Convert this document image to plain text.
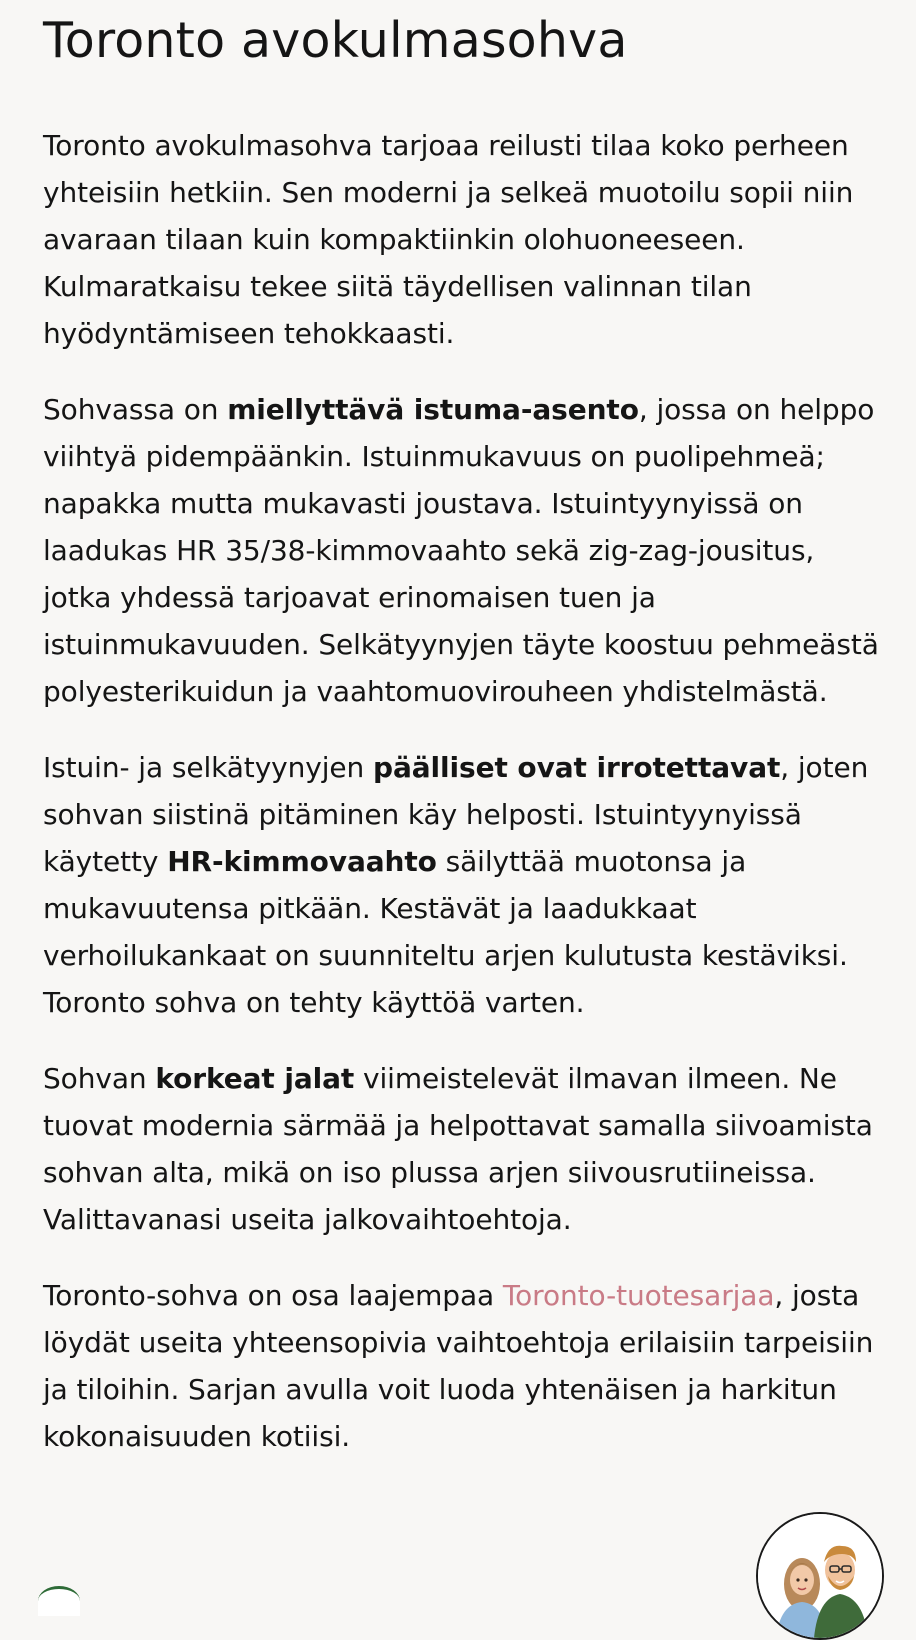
Toronto avokulmasohva

Toronto avokulmasohva tarjoaa reilusti tilaa koko perheen yhteisiin hetkiin. Sen moderni ja selkeä muotoilu sopii niin avaraan tilaan kuin kompaktiinkin olohuoneeseen. Kulmaratkaisu tekee siitä täydellisen valinnan tilan hyödyntämiseen tehokkaasti.

Sohvassa on miellyttävä istuma-asento, jossa on helppo viihtyä pidempäänkin. Istuinmukavuus on puolipehmeä; napakka mutta mukavasti joustava. Istuintyynyissä on laadukas HR 35/38-kimmovaahto sekä zig-zag-jousitus, jotka yhdessä tarjoavat erinomaisen tuen ja istuinmukavuuden. Selkätyynyjen täyte koostuu pehmeästä polyesterikuidun ja vaahtomuovirouheen yhdistelmästä.

Istuin- ja selkätyynyjen päälliset ovat irrotettavat, joten sohvan siistinä pitäminen käy helposti. Istuintyynyissä käytetty HR-kimmovaahto säilyttää muotonsa ja mukavuutensa pitkään. Kestävät ja laadukkaat verhoilukankaat on suunniteltu arjen kulutusta kestäviksi. Toronto sohva on tehty käyttöä varten.

Sohvan korkeat jalat viimeistelevät ilmavan ilmeen. Ne tuovat modernia särmää ja helpottavat samalla siivoamista sohvan alta, mikä on iso plussa arjen siivousrutiineissa. Valittavanasi useita jalkovaihtoehtoja.

Toronto-sohva on osa laajempaa Toronto-tuotesarjaa, josta löydät useita yhteensopivia vaihtoehtoja erilaisiin tarpeisiin ja tiloihin. Sarjan avulla voit luoda yhtenäisen ja harkitun kokonaisuuden kotiisi.
